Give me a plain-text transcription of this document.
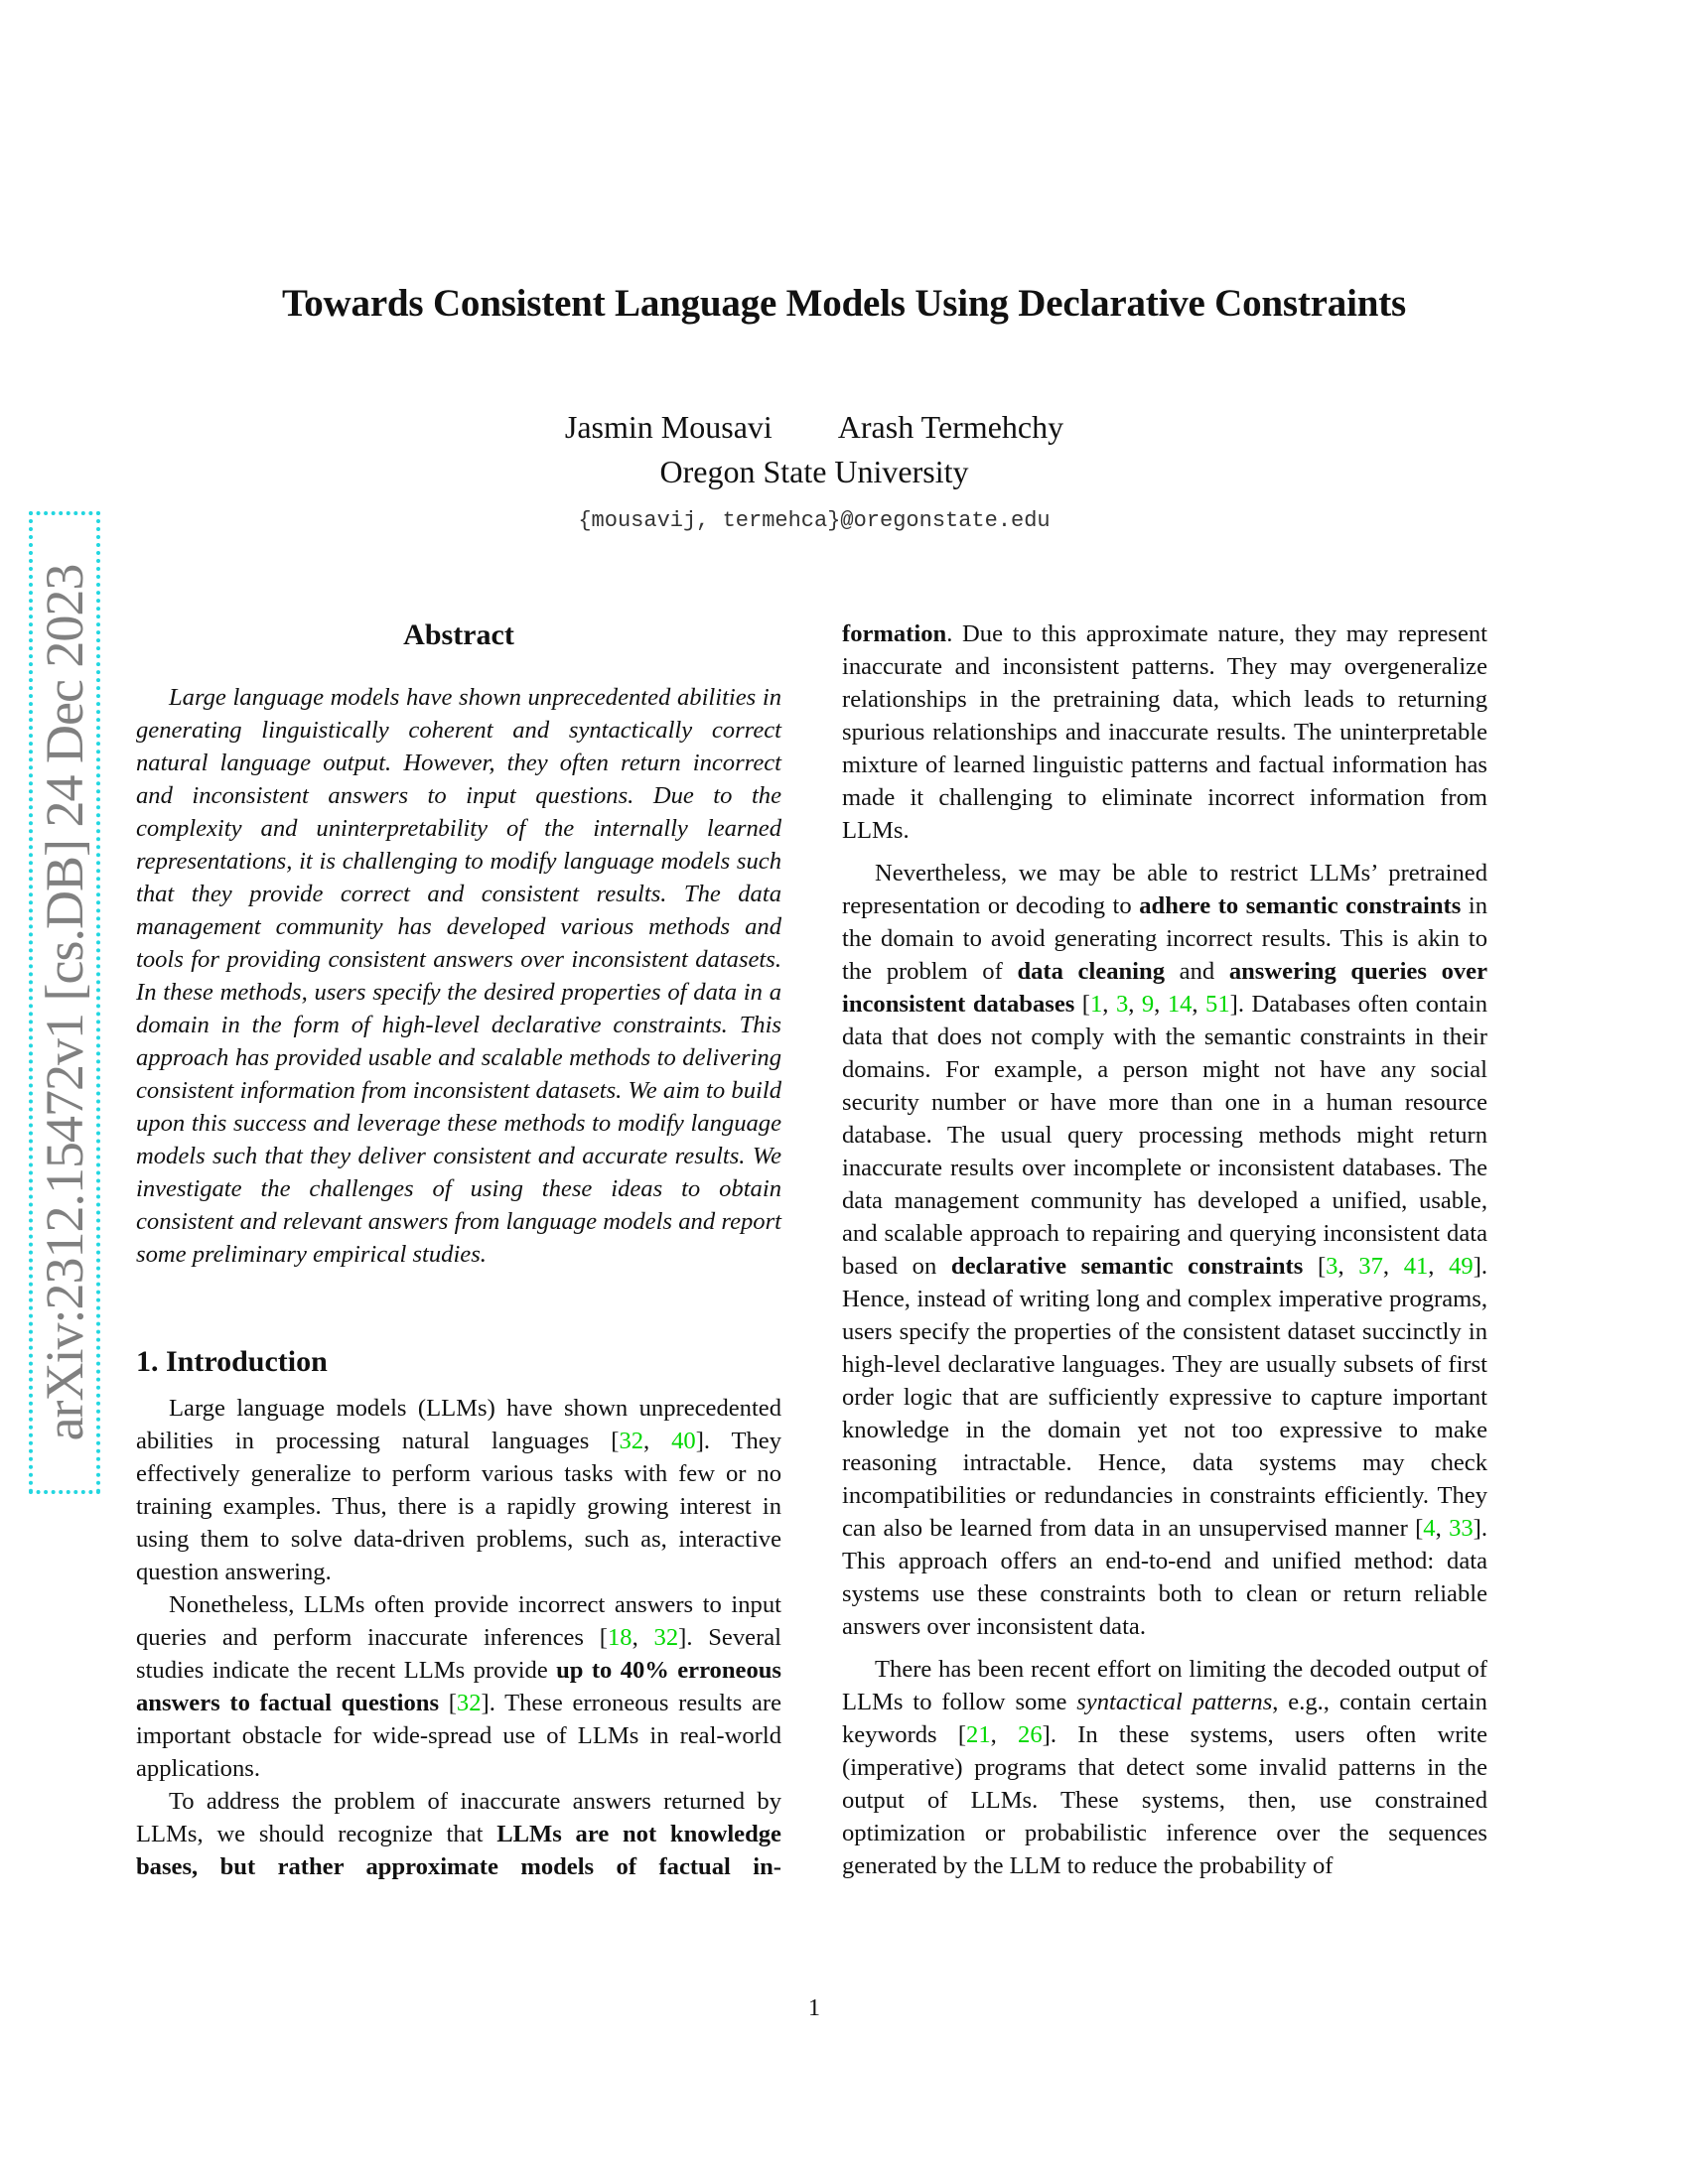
arXiv:2312.15472v1 [cs.DB] 24 Dec 2023
Towards Consistent Language Models Using Declarative Constraints
Jasmin Mousavi Arash Termehchy
Oregon State University
{mousavij, termehca}@oregonstate.edu
Abstract

Large language models have shown unprecedented abilities in generating linguistically coherent and syntactically correct natural language output. However, they often return incorrect and inconsistent answers to input questions. Due to the complexity and uninterpretability of the internally learned representations, it is challenging to modify language models such that they provide correct and consistent results. The data management community has developed various methods and tools for providing consistent answers over inconsistent datasets. In these methods, users specify the desired properties of data in a domain in the form of high-level declarative constraints. This approach has provided usable and scalable methods to delivering consistent information from inconsistent datasets. We aim to build upon this success and leverage these methods to modify language models such that they deliver consistent and accurate results. We investigate the challenges of using these ideas to obtain consistent and relevant answers from language models and report some preliminary empirical studies.

1. Introduction

Large language models (LLMs) have shown unprecedented abilities in processing natural languages [32, 40]. They effectively generalize to perform various tasks with few or no training examples. Thus, there is a rapidly growing interest in using them to solve data-driven problems, such as, interactive question answering.

Nonetheless, LLMs often provide incorrect answers to input queries and perform inaccurate inferences [18, 32]. Several studies indicate the recent LLMs provide up to 40% erroneous answers to factual questions [32]. These erroneous results are important obstacle for wide-spread use of LLMs in real-world applications.

To address the problem of inaccurate answers returned by LLMs, we should recognize that LLMs are not knowledge bases, but rather approximate models of factual in-

formation. Due to this approximate nature, they may represent inaccurate and inconsistent patterns. They may overgeneralize relationships in the pretraining data, which leads to returning spurious relationships and inaccurate results. The uninterpretable mixture of learned linguistic patterns and factual information has made it challenging to eliminate incorrect information from LLMs.

Nevertheless, we may be able to restrict LLMs’ pretrained representation or decoding to adhere to semantic constraints in the domain to avoid generating incorrect results. This is akin to the problem of data cleaning and answering queries over inconsistent databases [1, 3, 9, 14, 51]. Databases often contain data that does not comply with the semantic constraints in their domains. For example, a person might not have any social security number or have more than one in a human resource database. The usual query processing methods might return inaccurate results over incomplete or inconsistent databases. The data management community has developed a unified, usable, and scalable approach to repairing and querying inconsistent data based on declarative semantic constraints [3, 37, 41, 49]. Hence, instead of writing long and complex imperative programs, users specify the properties of the consistent dataset succinctly in high-level declarative languages. They are usually subsets of first order logic that are sufficiently expressive to capture important knowledge in the domain yet not too expressive to make reasoning intractable. Hence, data systems may check incompatibilities or redundancies in constraints efficiently. They can also be learned from data in an unsupervised manner [4, 33]. This approach offers an end-to-end and unified method: data systems use these constraints both to clean or return reliable answers over inconsistent data.

There has been recent effort on limiting the decoded output of LLMs to follow some syntactical patterns, e.g., contain certain keywords [21, 26]. In these systems, users often write (imperative) programs that detect some invalid patterns in the output of LLMs. These systems, then, use constrained optimization or probabilistic inference over the sequences generated by the LLM to reduce the probability of

1
